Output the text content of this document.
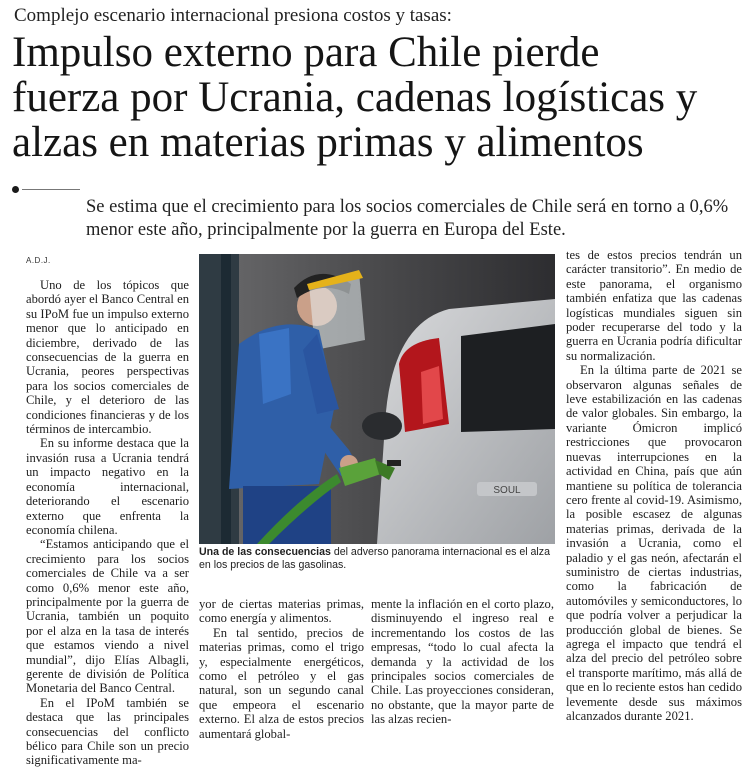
Complejo escenario internacional presiona costos y tasas:
Impulso externo para Chile pierde
fuerza por Ucrania, cadenas logísticas y
alzas en materias primas y alimentos
Se estima que el crecimiento para los socios comerciales de Chile será en torno a 0,6%
menor este año, principalmente por la guerra en Europa del Este.
A.D.J.

Uno de los tópicos que abordó ayer el Banco Central en su IPoM fue un impulso externo menor que lo anticipado en diciembre, derivado de las consecuencias de la guerra en Ucrania, peores perspectivas para los socios comerciales de Chile, y el deterioro de las condiciones financieras y de los términos de intercambio.

En su informe destaca que la invasión rusa a Ucrania tendrá un impacto negativo en la economía internacional, deteriorando el escenario externo que enfrenta la economía chilena.

“Estamos anticipando que el crecimiento para los socios comerciales de Chile va a ser como 0,6% menor este año, principalmente por la guerra de Ucrania, también un poquito por el alza en la tasa de interés que estamos viendo a nivel mundial”, dijo Elías Albagli, gerente de división de Política Monetaria del Banco Central.

En el IPoM también se destaca que las principales consecuencias del conflicto bélico para Chile son un precio significativamente ma-

SOUL
Una de las consecuencias del adverso panorama internacional es el alza en los precios de las gasolinas.

yor de ciertas materias primas, como energía y alimentos.

En tal sentido, precios de materias primas, como el trigo y, especialmente energéticos, como el petróleo y el gas natural, son un segundo canal que empeora el escenario externo. El alza de estos precios aumentará global-

mente la inflación en el corto plazo, disminuyendo el ingreso real e incrementando los costos de las empresas, “todo lo cual afecta la demanda y la actividad de los principales socios comerciales de Chile. Las proyecciones consideran, no obstante, que la mayor parte de las alzas recien-

tes de estos precios tendrán un carácter transitorio”. En medio de este panorama, el organismo también enfatiza que las cadenas logísticas mundiales siguen sin poder recuperarse del todo y la guerra en Ucrania podría dificultar su normalización.

En la última parte de 2021 se observaron algunas señales de leve estabilización en las cadenas de valor globales. Sin embargo, la variante Ómicron implicó restricciones que provocaron nuevas interrupciones en la actividad en China, país que aún mantiene su política de tolerancia cero frente al covid-19. Asimismo, la posible escasez de algunas materias primas, derivada de la invasión a Ucrania, como el paladio y el gas neón, afectarán el suministro de ciertas industrias, como la fabricación de automóviles y semiconductores, lo que podría volver a perjudicar la producción global de bienes. Se agrega el impacto que tendrá el alza del precio del petróleo sobre el transporte marítimo, más allá de que en lo reciente estos han cedido levemente desde sus máximos alcanzados durante 2021.
